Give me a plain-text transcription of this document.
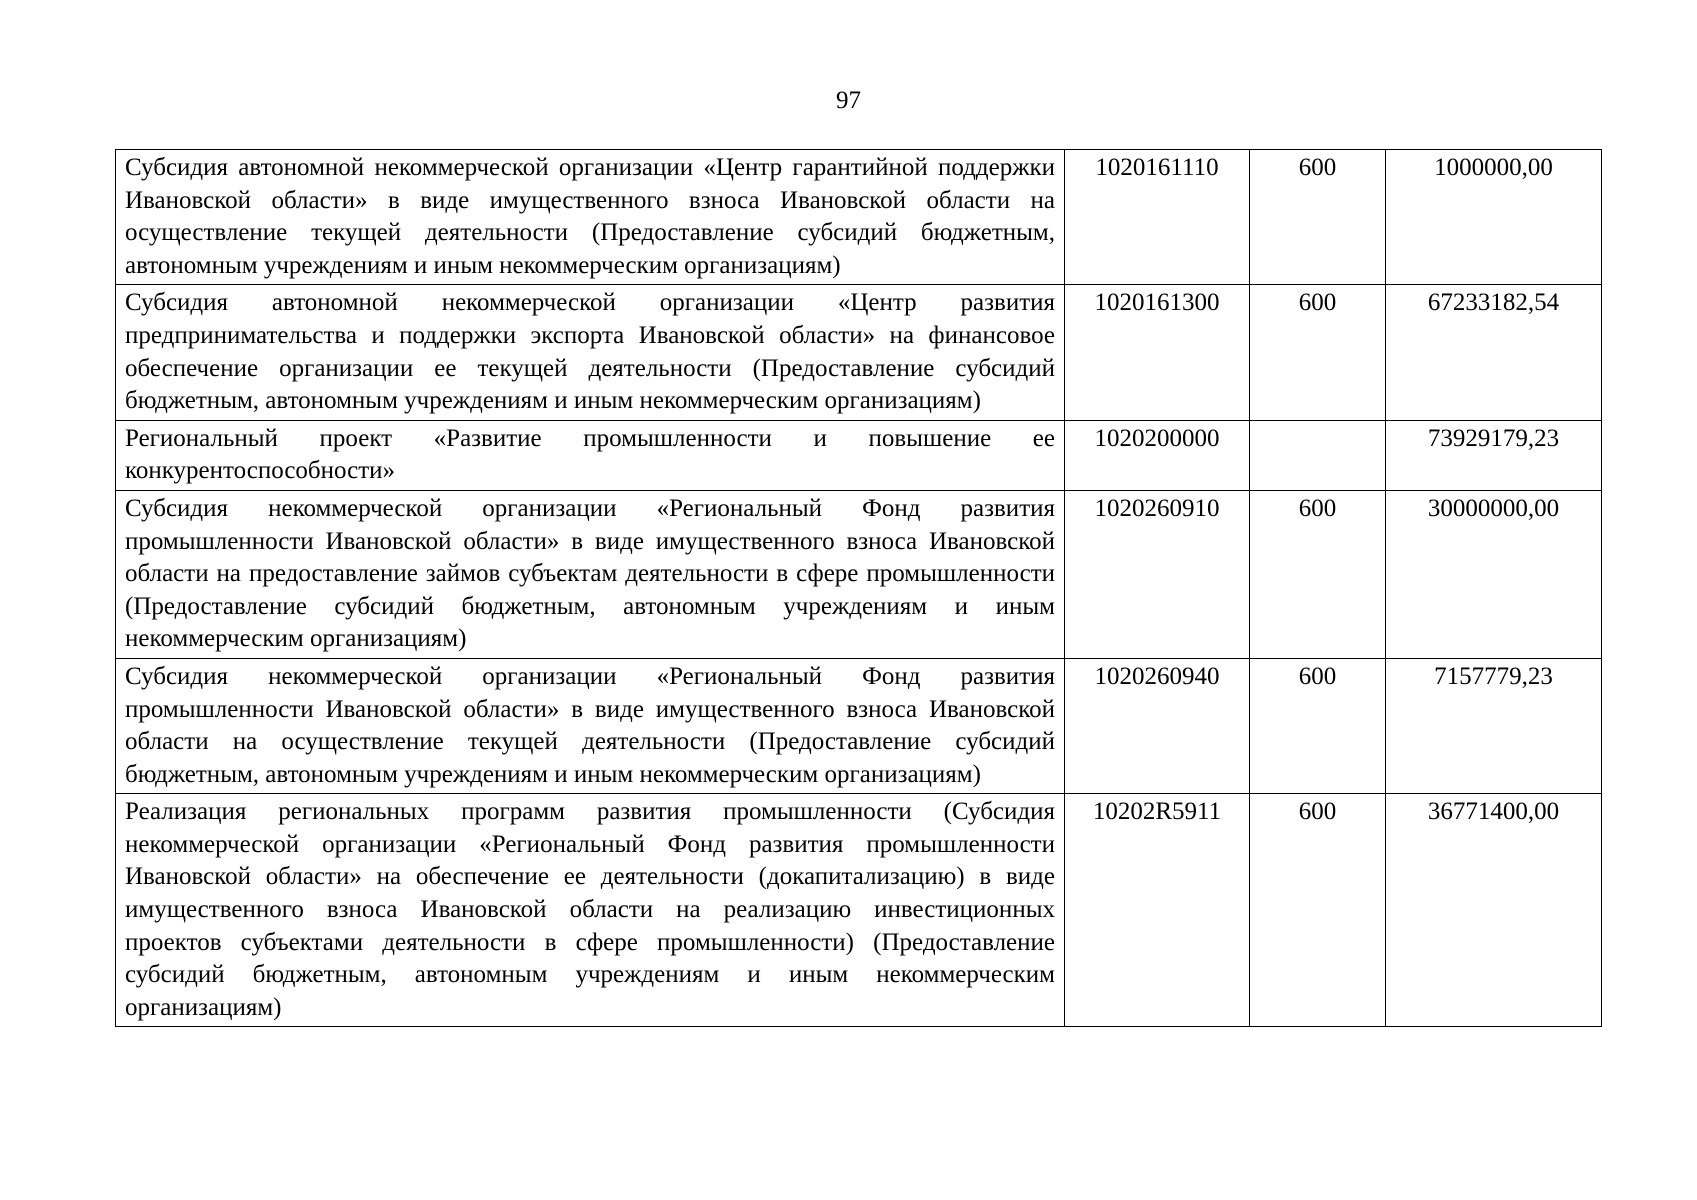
97
Субсидия автономной некоммерческой организации «Центр гарантийной поддержки Ивановской области» в виде имущественного взноса Ивановской области на осуществление текущей деятельности (Предоставление субсидий бюджетным, автономным учреждениям и иным некоммерческим организациям)	1020161110	600	1000000,00
Субсидия автономной некоммерческой организации «Центр развития предпринимательства и поддержки экспорта Ивановской области» на финансовое обеспечение организации ее текущей деятельности (Предоставление субсидий бюджетным, автономным учреждениям и иным некоммерческим организациям)	1020161300	600	67233182,54
Региональный проект «Развитие промышленности и повышение ее конкурентоспособности»	1020200000		73929179,23
Субсидия некоммерческой организации «Региональный Фонд развития промышленности Ивановской области» в виде имущественного взноса Ивановской области на предоставление займов субъектам деятельности в сфере промышленности (Предоставление субсидий бюджетным, автономным учреждениям и иным некоммерческим организациям)	1020260910	600	30000000,00
Субсидия некоммерческой организации «Региональный Фонд развития промышленности Ивановской области» в виде имущественного взноса Ивановской области на осуществление текущей деятельности (Предоставление субсидий бюджетным, автономным учреждениям и иным некоммерческим организациям)	1020260940	600	7157779,23
Реализация региональных программ развития промышленности (Субсидия некоммерческой организации «Региональный Фонд развития промышленности Ивановской области» на обеспечение ее деятельности (докапитализацию) в виде имущественного взноса Ивановской области на реализацию инвестиционных проектов субъектами деятельности в сфере промышленности) (Предоставление субсидий бюджетным, автономным учреждениям и иным некоммерческим организациям)	10202R5911	600	36771400,00
